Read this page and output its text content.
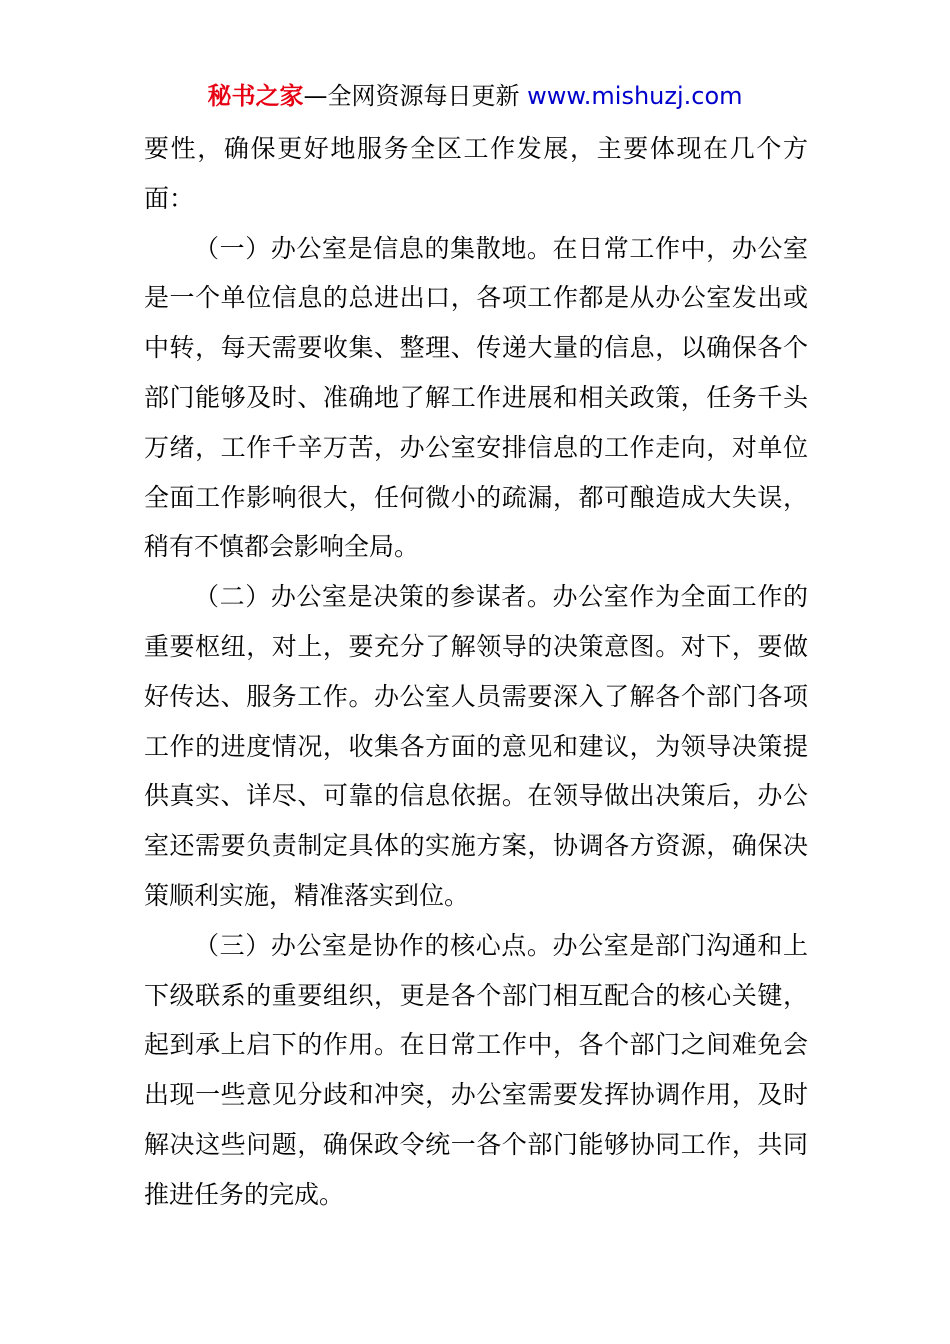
秘书之家—全网资源每日更新 www.mishuzj.com

要性，确保更好地服务全区工作发展，主要体现在几个方面：

（一）办公室是信息的集散地。在日常工作中，办公室是一个单位信息的总进出口，各项工作都是从办公室发出或中转，每天需要收集、整理、传递大量的信息，以确保各个部门能够及时、准确地了解工作进展和相关政策，任务千头万绪，工作千辛万苦，办公室安排信息的工作走向，对单位全面工作影响很大，任何微小的疏漏，都可酿造成大失误，稍有不慎都会影响全局。

（二）办公室是决策的参谋者。办公室作为全面工作的重要枢纽，对上，要充分了解领导的决策意图。对下，要做好传达、服务工作。办公室人员需要深入了解各个部门各项工作的进度情况，收集各方面的意见和建议，为领导决策提供真实、详尽、可靠的信息依据。在领导做出决策后，办公室还需要负责制定具体的实施方案，协调各方资源，确保决策顺利实施，精准落实到位。

（三）办公室是协作的核心点。办公室是部门沟通和上下级联系的重要组织，更是各个部门相互配合的核心关键，起到承上启下的作用。在日常工作中，各个部门之间难免会出现一些意见分歧和冲突，办公室需要发挥协调作用，及时解决这些问题，确保政令统一各个部门能够协同工作，共同推进任务的完成。
